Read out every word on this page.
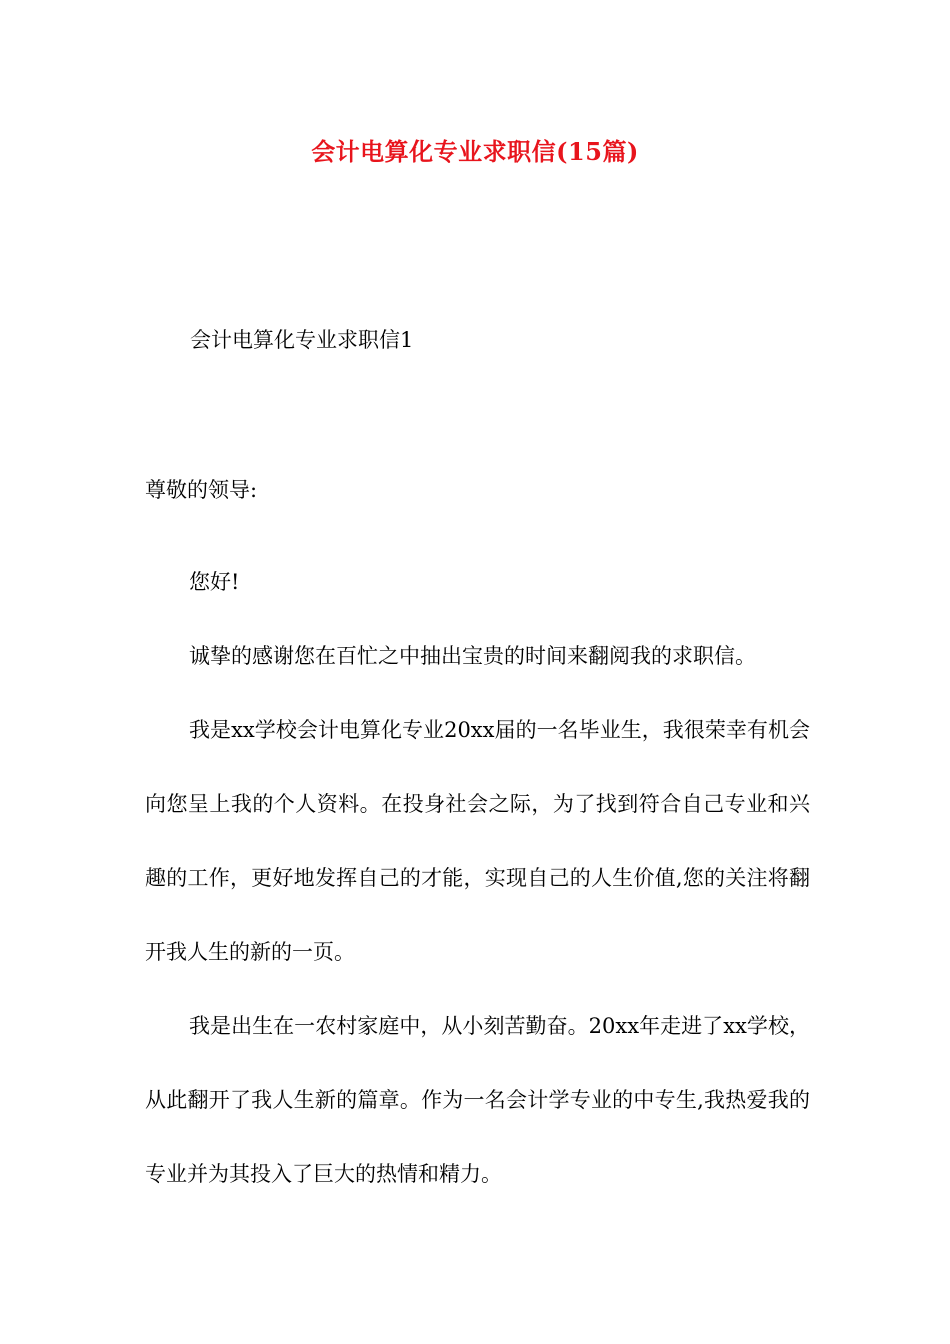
会计电算化专业求职信(15篇)

会计电算化专业求职信1

尊敬的领导:

您好!

诚挚的感谢您在百忙之中抽出宝贵的时间来翻阅我的求职信。

我是xx学校会计电算化专业20xx届的一名毕业生，我很荣幸有机会向您呈上我的个人资料。在投身社会之际，为了找到符合自己专业和兴趣的工作，更好地发挥自己的才能，实现自己的人生价值,您的关注将翻开我人生的新的一页。

我是出生在一农村家庭中，从小刻苦勤奋。20xx年走进了xx学校，从此翻开了我人生新的篇章。作为一名会计学专业的中专生,我热爱我的专业并为其投入了巨大的热情和精力。
